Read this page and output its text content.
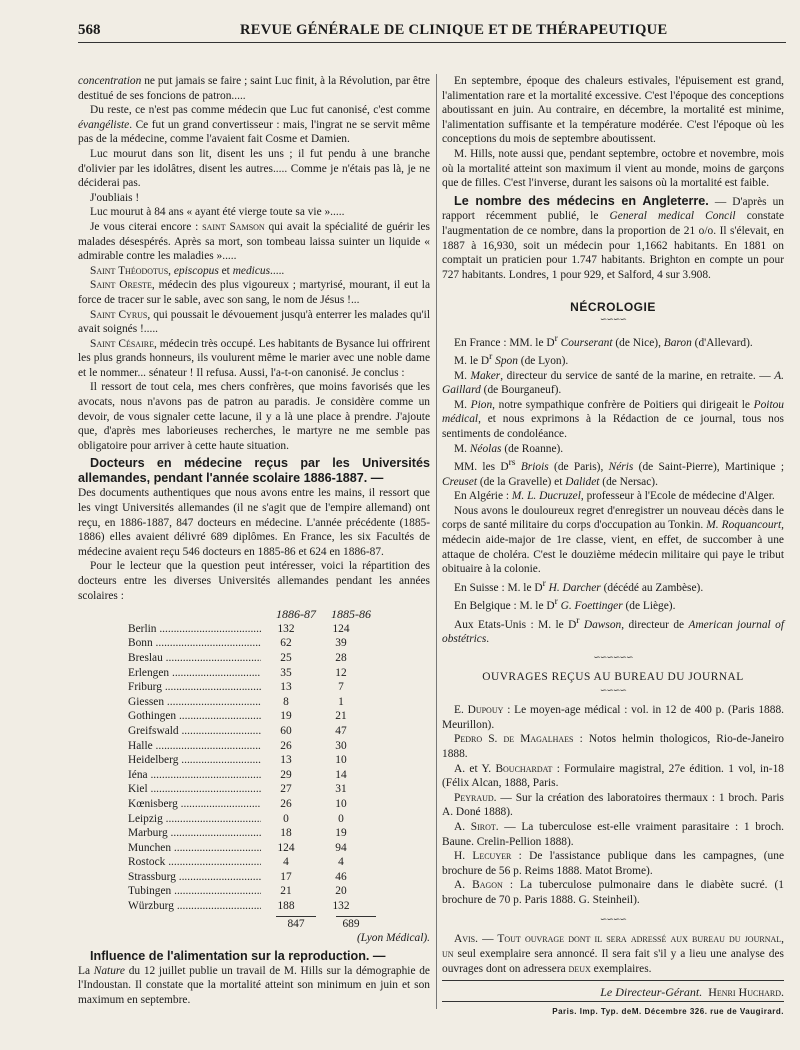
568	REVUE GÉNÉRALE DE CLINIQUE ET DE THÉRAPEUTIQUE

concentration ne put jamais se faire ; saint Luc finit, à la Révolution, par être destitué de ses foncions de patron.....

Du reste, ce n'est pas comme médecin que Luc fut canonisé, c'est comme évangéliste. Ce fut un grand convertisseur : mais, l'ingrat ne se servit même pas de la médecine, comme l'avaient fait Cosme et Damien.

Luc mourut dans son lit, disent les uns ; il fut pendu à une branche d'olivier par les idolâtres, disent les autres..... Comme je n'étais pas là, je ne déciderai pas.

J'oubliais !

Luc mourut à 84 ans « ayant été vierge toute sa vie ».....

Je vous citerai encore : saint Samson qui avait la spécialité de guérir les malades désespérés. Après sa mort, son tombeau laissa suinter un liquide « admirable contre les maladies ».....

Saint Théodotus, episcopus et medicus.....

Saint Oreste, médecin des plus vigoureux ; martyrisé, mourant, il eut la force de tracer sur le sable, avec son sang, le nom de Jésus !...

Saint Cyrus, qui poussait le dévouement jusqu'à enterrer les malades qu'il avait soignés !.....

Saint Césaire, médecin très occupé. Les habitants de Bysance lui offrirent les plus grands honneurs, ils voulurent même le marier avec une noble dame et le nommer... sénateur ! Il refusa. Aussi, l'a-t-on canonisé. Je conclus :

Il ressort de tout cela, mes chers confrères, que moins favorisés que les avocats, nous n'avons pas de patron au paradis. Je considère comme un devoir, de vous signaler cette lacune, il y a là une place à prendre. J'ajoute que, d'après mes laborieuses recherches, le martyre ne me semble pas obligatoire pour arriver à cette haute situation.

Docteurs en médecine reçus par les Universités allemandes, pendant l'année scolaire 1886-1887. —

Des documents authentiques que nous avons entre les mains, il ressort que les vingt Universités allemandes (il ne s'agit que de l'empire allemand) ont reçu, en 1886-1887, 847 docteurs en médecine. L'année précédente (1885-1886) elles avaient délivré 689 diplômes. En France, les six Facultés de médecine avaient reçu 546 docteurs en 1885-86 et 624 en 1886-87.

Pour le lecteur que la question peut intéresser, voici la répartition des docteurs entre les diverses Universités allemandes pendant les années scolaires :

1886-87	1885-86
Berlin .....	132	124
Bonn .....	62	39
Breslau .....	25	28
Erlengen .....	35	12
Friburg .....	13	7
Giessen .....	8	1
Gothingen .....	19	21
Greifswald .....	60	47
Halle .....	26	30
Heidelberg .....	13	10
Iéna .....	29	14
Kiel .....	27	31
Kœnisberg .....	26	10
Leipzig .....	0	0
Marburg .....	18	19
Munchen .....	124	94
Rostock .....	4	4
Strassburg .....	17	46
Tubingen .....	21	20
Würzburg .....	188	132
847	689
(Lyon Médical).
Influence de l'alimentation sur la reproduction. —

La Nature du 12 juillet publie un travail de M. Hills sur la démographie de l'Indoustan. Il constate que la mortalité atteint son minimum en juin et son maximum en septembre.

En septembre, époque des chaleurs estivales, l'épuisement est grand, l'alimentation rare et la mortalité excessive. C'est l'époque des conceptions aboutissant en juin. Au contraire, en décembre, la mortalité est minime, l'alimentation suffisante et la température modérée. C'est l'époque où les conceptions du mois de septembre aboutissent.

M. Hills, note aussi que, pendant septembre, octobre et novembre, mois où la mortalité atteint son maximum il vient au monde, moins de garçons que de filles. C'est l'inverse, durant les saisons où la mortalité est faible.

Le nombre des médecins en Angleterre. — D'après un rapport récemment publié, le General medical Concil constate l'augmentation de ce nombre, dans la proportion de 21 o/o. Il s'élevait, en 1887 à 16,930, soit un médecin pour 1,1662 habitants. En 1881 on comptait un praticien pour 1.747 habitants. Brighton en compte un pour 727 habitants. Londres, 1 pour 929, et Salford, 4 sur 3.908.

NÉCROLOGIE
∽∽∽∽

En France : MM. le $D^r$ Courserant (de Nice), Baron (d'Allevard).

M. le $D^r$ Spon (de Lyon).

M. Maker, directeur du service de santé de la marine, en retraite. — A. Gaillard (de Bourganeuf).

M. Pion, notre sympathique confrère de Poitiers qui dirigeait le Poitou médical, et nous exprimons à la Rédaction de ce journal, tous nos sentiments de condoléance.

M. Néolas (de Roanne).

MM. les $D^{rs}$ Briois (de Paris), Néris (de Saint-Pierre), Martinique ; Creuset (de la Gravelle) et Dalidet (de Nersac).

En Algérie : M. L. Ducruzel, professeur à l'Ecole de médecine d'Alger.

Nous avons le douloureux regret d'enregistrer un nouveau décès dans le corps de santé militaire du corps d'occupation au Tonkin. M. Roquancourt, médecin aide-major de 1re classe, vient, en effet, de succomber à une attaque de choléra. C'est le douzième médecin militaire qui paye le tribut obituaire à la colonie.

En Suisse : M. le $D^r$ H. Darcher (décédé au Zambèse).

En Belgique : M. le $D^r$ G. Foettinger (de Liège).

Aux Etats-Unis : M. le $D^r$ Dawson, directeur de American journal of obstétrics.

∽∽∽∽∽∽
OUVRAGES REÇUS AU BUREAU DU JOURNAL
∽∽∽∽

E. Dupouy : Le moyen-age médical : vol. in 12 de 400 p. (Paris 1888. Meurillon).

Pedro S. de Magalhaes : Notos helmin thologicos, Rio-de-Janeiro 1888.

A. et Y. Bouchardat : Formulaire magistral, 27e édition. 1 vol, in-18 (Félix Alcan, 1888, Paris.

Peyraud. — Sur la création des laboratoires thermaux : 1 broch. Paris A. Doné 1888).

A. Sirot. — La tuberculose est-elle vraiment parasitaire : 1 broch. Baune. Crelin-Pellion 1888).

H. Lecuyer : De l'assistance publique dans les campagnes, (une brochure de 56 p. Reims 1888. Matot Brome).

A. Bagon : La tuberculose pulmonaire dans le diabète sucré. (1 brochure de 70 p. Paris 1888. G. Steinheil).

∽∽∽∽

Avis. — Tout ouvrage dont il sera adressé aux bureau du journal, un seul exemplaire sera annoncé. Il sera fait s'il y a lieu une analyse des ouvrages dont on adressera deux exemplaires.

Le Directeur-Gérant. Henri Huchard.
Paris. Imp. Typ. deM. Décembre 326. rue de Vaugirard.
